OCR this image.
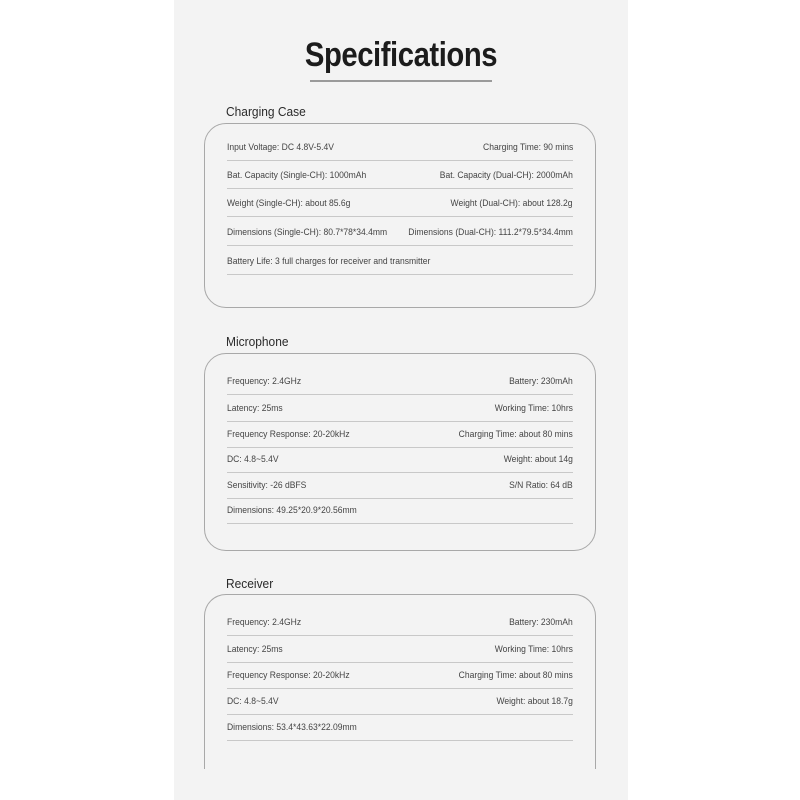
Specifications
Charging Case
Input Voltage: DC 4.8V-5.4V	Charging Time: 90 mins
Bat. Capacity (Single-CH): 1000mAh	Bat. Capacity (Dual-CH): 2000mAh
Weight (Single-CH): about 85.6g	Weight (Dual-CH): about 128.2g
Dimensions (Single-CH): 80.7*78*34.4mm Dimensions (Dual-CH): 111.2*79.5*34.4mm
Battery Life: 3 full charges for receiver and transmitter
Microphone
Frequency: 2.4GHz	Battery: 230mAh
Latency: 25ms	Working Time: 10hrs
Frequency Response: 20-20kHz	Charging Time: about 80 mins
DC: 4.8~5.4V	Weight: about 14g
Sensitivity: -26 dBFS	S/N Ratio: 64 dB
Dimensions: 49.25*20.9*20.56mm
Receiver
Frequency: 2.4GHz	Battery: 230mAh
Latency: 25ms	Working Time: 10hrs
Frequency Response: 20-20kHz	Charging Time: about 80 mins
DC: 4.8~5.4V	Weight: about 18.7g
Dimensions: 53.4*43.63*22.09mm
